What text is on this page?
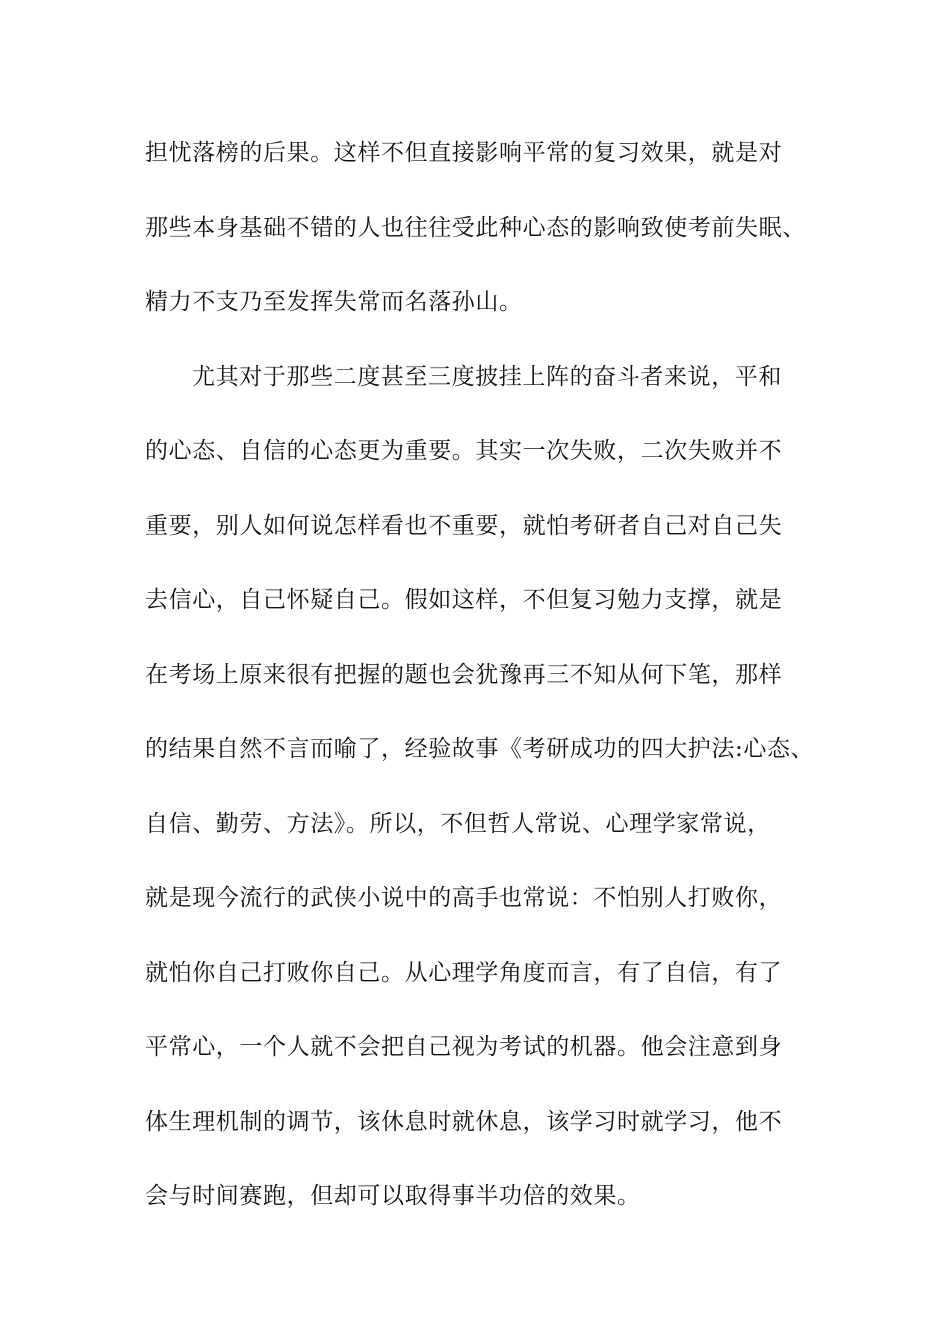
担忧落榜的后果。这样不但直接影响平常的复习效果，就是对
那些本身基础不错的人也往往受此种心态的影响致使考前失眠、
精力不支乃至发挥失常而名落孙山。
尤其对于那些二度甚至三度披挂上阵的奋斗者来说，平和
的心态、自信的心态更为重要。其实一次失败，二次失败并不
重要，别人如何说怎样看也不重要，就怕考研者自己对自己失
去信心，自己怀疑自己。假如这样，不但复习勉力支撑，就是
在考场上原来很有把握的题也会犹豫再三不知从何下笔，那样
的结果自然不言而喻了，经验故事《考研成功的四大护法:心态、
自信、勤劳、方法》。所以，不但哲人常说、心理学家常说，
就是现今流行的武侠小说中的高手也常说：不怕别人打败你，
就怕你自己打败你自己。从心理学角度而言，有了自信，有了
平常心，一个人就不会把自己视为考试的机器。他会注意到身
体生理机制的调节，该休息时就休息，该学习时就学习，他不
会与时间赛跑，但却可以取得事半功倍的效果。
